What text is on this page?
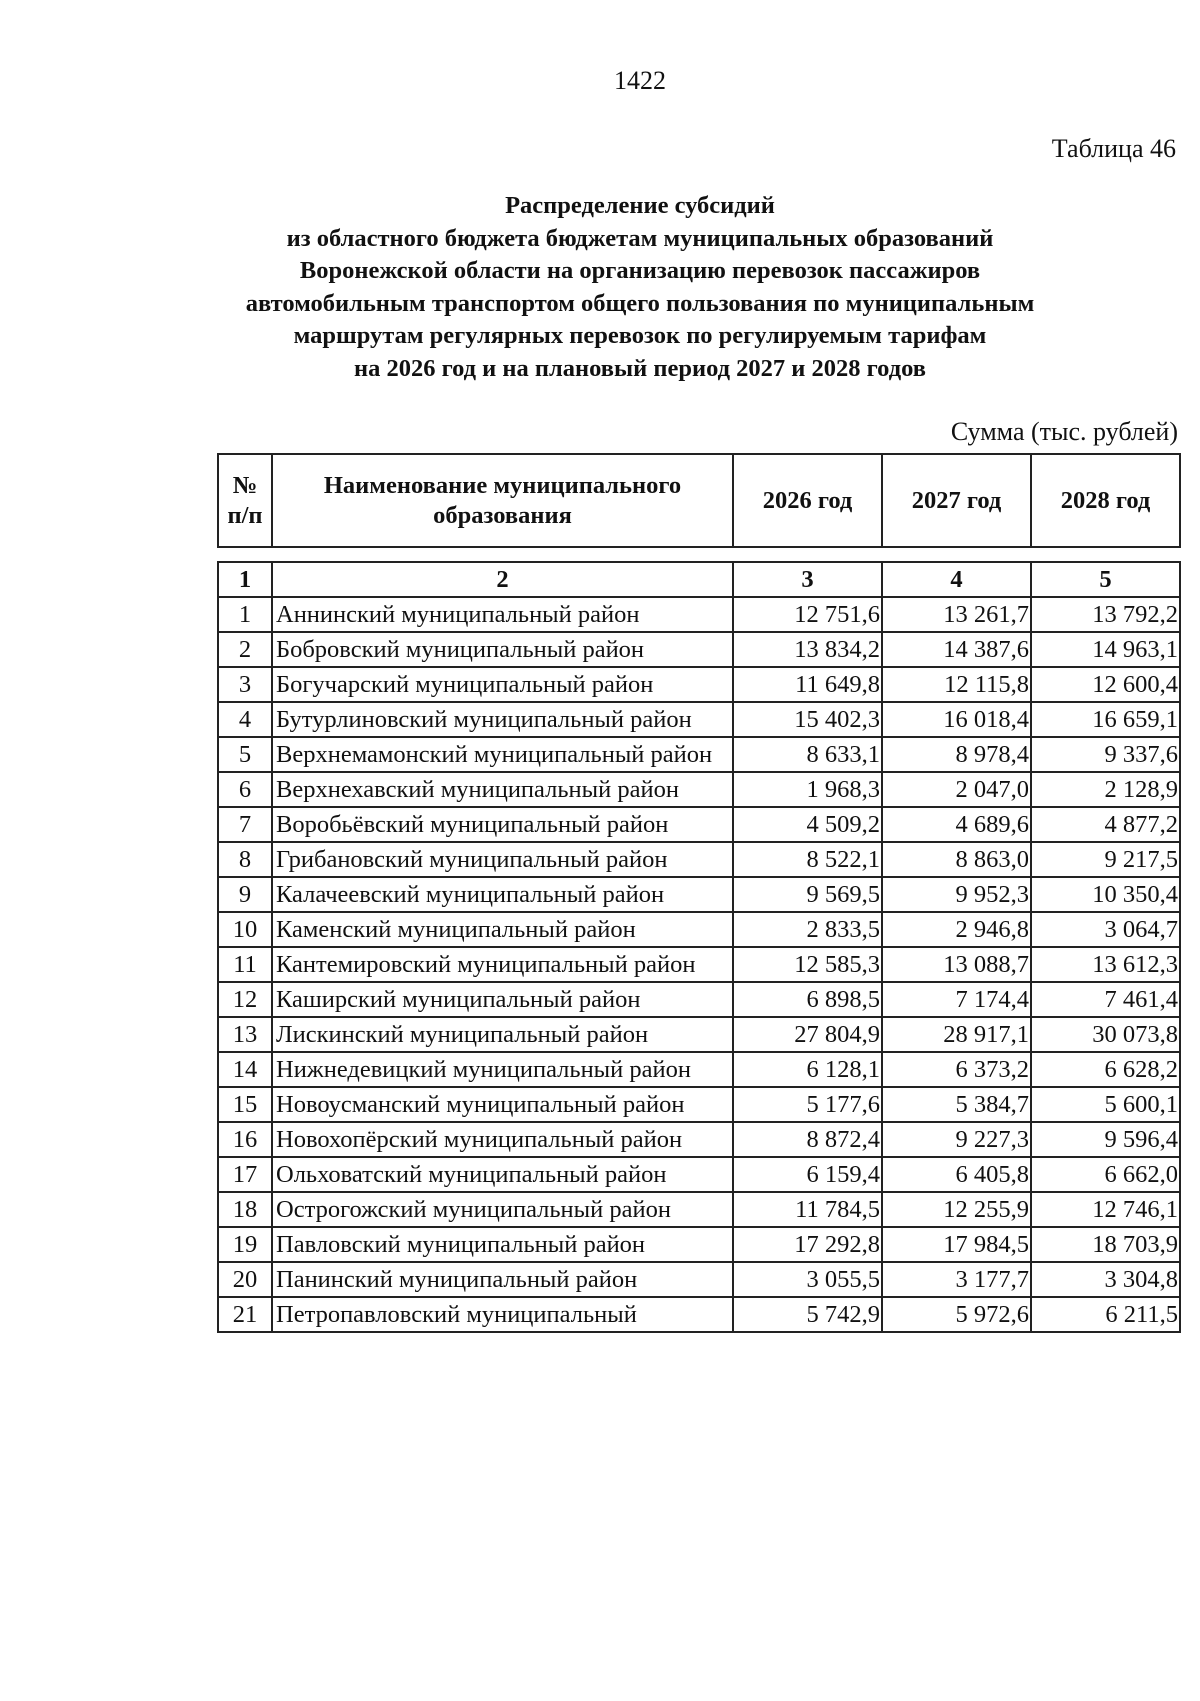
1422
Таблица 46
Распределение субсидий
из областного бюджета бюджетам муниципальных образований
Воронежской области на организацию перевозок пассажиров
автомобильным транспортом общего пользования по муниципальным
маршрутам регулярных перевозок по регулируемым тарифам
на 2026 год и на плановый период 2027 и 2028 годов
Сумма (тыс. рублей)
№ п/п	Наименование муниципального образования	2026 год	2027 год	2028 год
1	2	3	4	5
1	Аннинский муниципальный район	12 751,6	13 261,7	13 792,2
2	Бобровский муниципальный район	13 834,2	14 387,6	14 963,1
3	Богучарский муниципальный район	11 649,8	12 115,8	12 600,4
4	Бутурлиновский муниципальный район	15 402,3	16 018,4	16 659,1
5	Верхнемамонский муниципальный район	8 633,1	8 978,4	9 337,6
6	Верхнехавский муниципальный район	1 968,3	2 047,0	2 128,9
7	Воробьёвский муниципальный район	4 509,2	4 689,6	4 877,2
8	Грибановский муниципальный район	8 522,1	8 863,0	9 217,5
9	Калачеевский муниципальный район	9 569,5	9 952,3	10 350,4
10	Каменский муниципальный район	2 833,5	2 946,8	3 064,7
11	Кантемировский муниципальный район	12 585,3	13 088,7	13 612,3
12	Каширский муниципальный район	6 898,5	7 174,4	7 461,4
13	Лискинский муниципальный район	27 804,9	28 917,1	30 073,8
14	Нижнедевицкий муниципальный район	6 128,1	6 373,2	6 628,2
15	Новоусманский муниципальный район	5 177,6	5 384,7	5 600,1
16	Новохопёрский муниципальный район	8 872,4	9 227,3	9 596,4
17	Ольховатский муниципальный район	6 159,4	6 405,8	6 662,0
18	Острогожский муниципальный район	11 784,5	12 255,9	12 746,1
19	Павловский муниципальный район	17 292,8	17 984,5	18 703,9
20	Панинский муниципальный район	3 055,5	3 177,7	3 304,8
21	Петропавловский муниципальный	5 742,9	5 972,6	6 211,5
